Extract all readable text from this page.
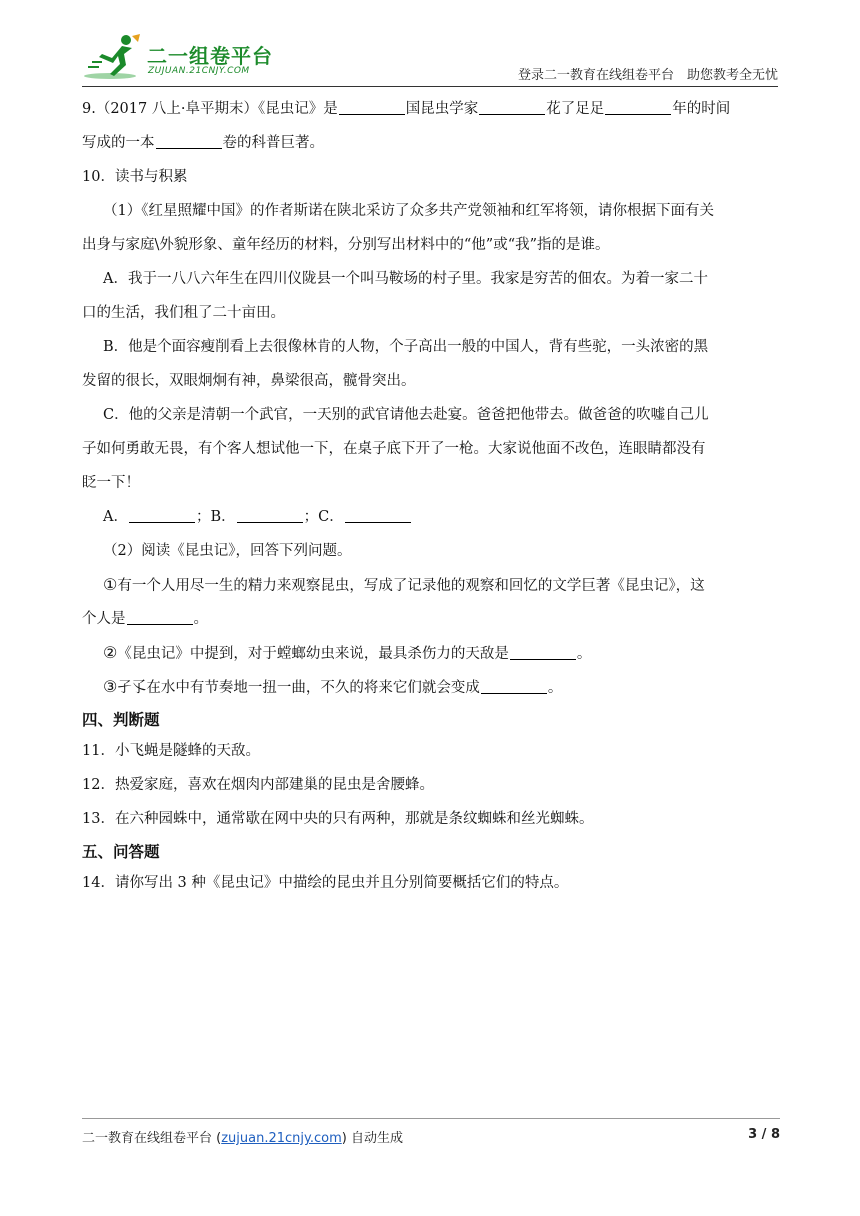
二一组卷平台
ZUJUAN.21CNJY.COM	登录二一教育在线组卷平台　助您教考全无忧
9.（2017 八上·阜平期末）《昆虫记》是	国昆虫学家	花了足足	年的时间
写成的一本	卷的科普巨著。
10．读书与积累
（1）《红星照耀中国》的作者斯诺在陕北采访了众多共产党领袖和红军将领，请你根据下面有关
出身与家庭\外貌形象、童年经历的材料，分别写出材料中的“他”或“我”指的是谁。
A．我于一八八六年生在四川仪陇县一个叫马鞍场的村子里。我家是穷苦的佃农。为着一家二十
口的生活，我们租了二十亩田。
B．他是个面容瘦削看上去很像林肯的人物，个子高出一般的中国人，背有些驼，一头浓密的黑
发留的很长，双眼炯炯有神，鼻梁很高，髋骨突出。
C．他的父亲是清朝一个武官，一天别的武官请他去赴宴。爸爸把他带去。做爸爸的吹嘘自己儿
子如何勇敢无畏，有个客人想试他一下，在桌子底下开了一枪。大家说他面不改色，连眼睛都没有
眨一下！
A．	；B．	；C．
（2）阅读《昆虫记》，回答下列问题。
①有一个人用尽一生的精力来观察昆虫，写成了记录他的观察和回忆的文学巨著《昆虫记》，这
个人是	。
②《昆虫记》中提到，对于螳螂幼虫来说，最具杀伤力的天敌是	。
③孑孓在水中有节奏地一扭一曲，不久的将来它们就会变成	。
四、判断题
11．小飞蝇是隧蜂的天敌。
12．热爱家庭，喜欢在烟肉内部建巢的昆虫是舍腰蜂。
13．在六种园蛛中，通常歇在网中央的只有两种，那就是条纹蜘蛛和丝光蜘蛛。
五、问答题
14．请你写出 3 种《昆虫记》中描绘的昆虫并且分别简要概括它们的特点。
二一教育在线组卷平台 (zujuan.21cnjy.com) 自动生成	3 / 8
